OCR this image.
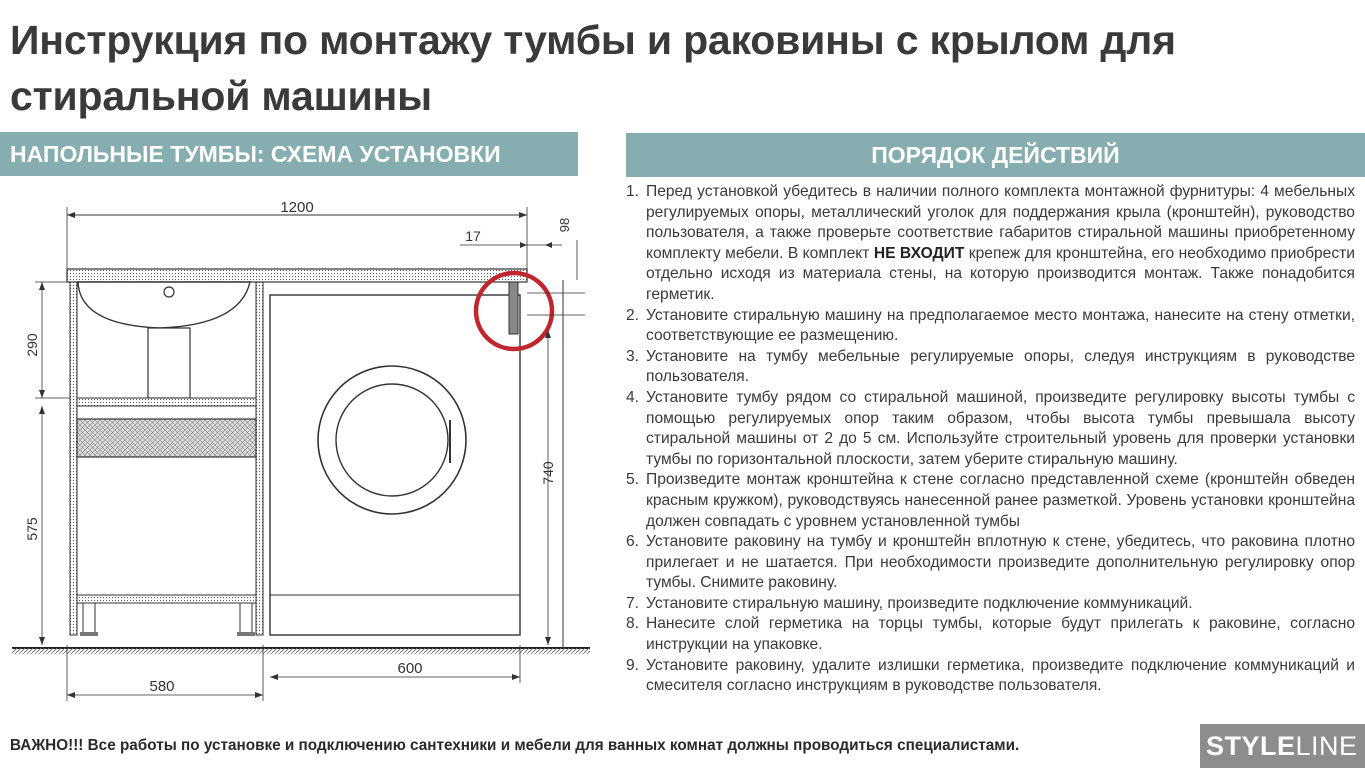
Инструкция по монтажу тумбы и раковины с крылом для стиральной машины
НАПОЛЬНЫЕ ТУМБЫ: СХЕМА УСТАНОВКИ	ПОРЯДОК ДЕЙСТВИЙ
1200
17
98
290
575
740
580
600
1. Перед установкой убедитесь в наличии полного комплекта монтажной фурнитуры: 4 мебельных регулируемых опоры, металлический уголок для поддержания крыла (кронштейн), руководство пользователя, а также проверьте соответствие габаритов стиральной машины приобретенному комплекту мебели. В комплект НЕ ВХОДИТ крепеж для кронштейна, его необходимо приобрести отдельно исходя из материала стены, на которую производится монтаж. Также понадобится герметик.
2. Установите стиральную машину на предполагаемое место монтажа, нанесите на стену отметки, соответствующие ее размещению.
3. Установите на тумбу мебельные регулируемые опоры, следуя инструкциям в руководстве пользователя.
4. Установите тумбу рядом со стиральной машиной, произведите регулировку высоты тумбы с помощью регулируемых опор таким образом, чтобы высота тумбы превышала высоту стиральной машины от 2 до 5 см. Используйте строительный уровень для проверки установки тумбы по горизонтальной плоскости, затем уберите стиральную машину.
5. Произведите монтаж кронштейна к стене согласно представленной схеме (кронштейн обведен красным кружком), руководствуясь нанесенной ранее разметкой. Уровень установки кронштейна должен совпадать с уровнем установленной тумбы
6. Установите раковину на тумбу и кронштейн вплотную к стене, убедитесь, что раковина плотно прилегает и не шатается. При необходимости произведите дополнительную регулировку опор тумбы. Снимите раковину.
7. Установите стиральную машину, произведите подключение коммуникаций.
8. Нанесите слой герметика на торцы тумбы, которые будут прилегать к раковине, согласно инструкции на упаковке.
9. Установите раковину, удалите излишки герметика, произведите подключение коммуникаций и смесителя согласно инструкциям в руководстве пользователя.
ВАЖНО!!! Все работы по установке и подключению сантехники и мебели для ванных комнат должны проводиться специалистами.	STYLELINE
